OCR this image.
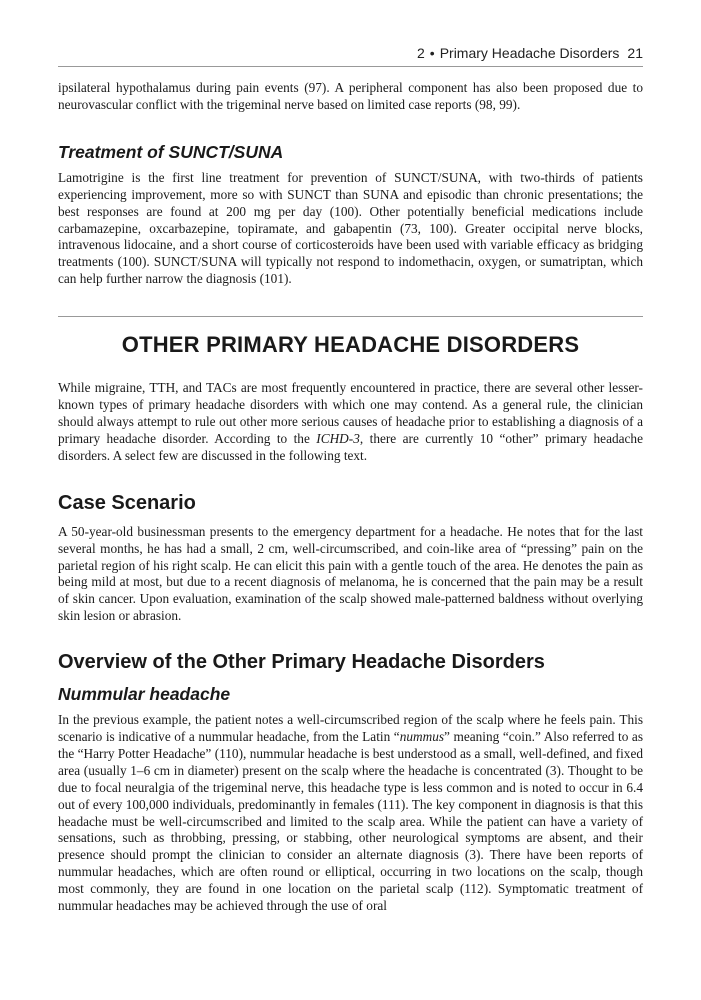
2 • Primary Headache Disorders 21

ipsilateral hypothalamus during pain events (97). A peripheral component has also been proposed due to neurovascular conflict with the trigeminal nerve based on limited case reports (98, 99).

Treatment of SUNCT/SUNA

Lamotrigine is the first line treatment for prevention of SUNCT/SUNA, with two-thirds of patients experiencing improvement, more so with SUNCT than SUNA and episodic than chronic presentations; the best responses are found at 200 mg per day (100). Other potentially beneficial medications include carbamazepine, oxcarbazepine, topiramate, and gabapentin (73, 100). Greater occipital nerve blocks, intravenous lidocaine, and a short course of corticosteroids have been used with variable efficacy as bridging treatments (100). SUNCT/SUNA will typically not respond to indomethacin, oxygen, or sumatriptan, which can help further narrow the diagnosis (101).

OTHER PRIMARY HEADACHE DISORDERS

While migraine, TTH, and TACs are most frequently encountered in practice, there are several other lesser-known types of primary headache disorders with which one may contend. As a general rule, the clinician should always attempt to rule out other more serious causes of headache prior to establishing a diagnosis of a primary headache disorder. According to the ICHD-3, there are currently 10 “other” primary headache disorders. A select few are discussed in the following text.

Case Scenario

A 50-year-old businessman presents to the emergency department for a headache. He notes that for the last several months, he has had a small, 2 cm, well-circumscribed, and coin-like area of “pressing” pain on the parietal region of his right scalp. He can elicit this pain with a gentle touch of the area. He denotes the pain as being mild at most, but due to a recent diagnosis of melanoma, he is concerned that the pain may be a result of skin cancer. Upon evaluation, examination of the scalp showed male-patterned baldness without overlying skin lesion or abrasion.

Overview of the Other Primary Headache Disorders
Nummular headache

In the previous example, the patient notes a well-circumscribed region of the scalp where he feels pain. This scenario is indicative of a nummular headache, from the Latin “nummus” meaning “coin.” Also referred to as the “Harry Potter Headache” (110), nummular headache is best understood as a small, well-defined, and fixed area (usually 1–6 cm in diameter) present on the scalp where the headache is concentrated (3). Thought to be due to focal neuralgia of the trigeminal nerve, this headache type is less common and is noted to occur in 6.4 out of every 100,000 individuals, predominantly in females (111). The key component in diagnosis is that this headache must be well-circumscribed and limited to the scalp area. While the patient can have a variety of sensations, such as throbbing, pressing, or stabbing, other neurological symptoms are absent, and their presence should prompt the clinician to consider an alternate diagnosis (3). There have been reports of nummular headaches, which are often round or elliptical, occurring in two locations on the scalp, though most commonly, they are found in one location on the parietal scalp (112). Symptomatic treatment of nummular headaches may be achieved through the use of oral
